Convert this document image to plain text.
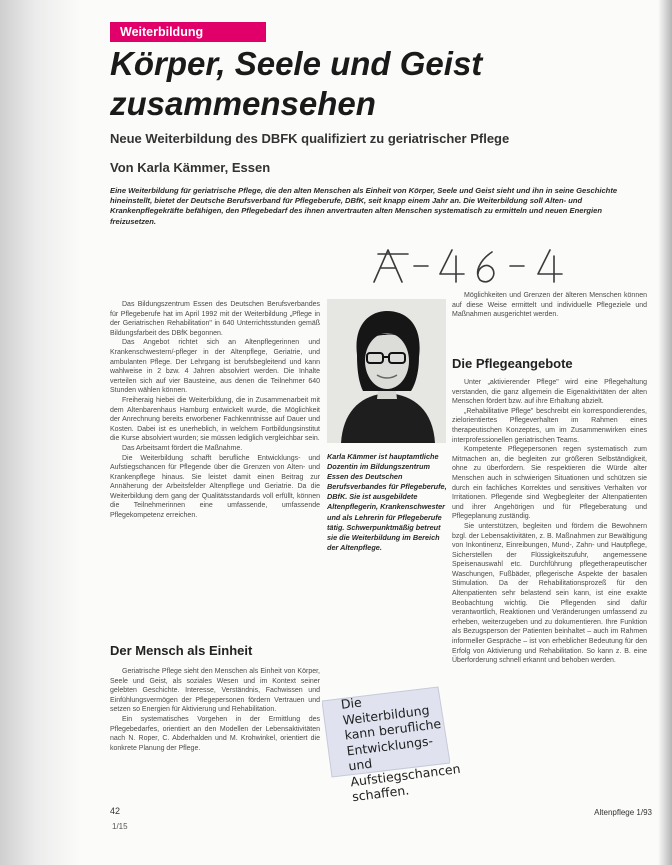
Weiterbildung
Körper, Seele und Geist zusammensehen
Neue Weiterbildung des DBFK qualifiziert zu geriatrischer Pflege
Von Karla Kämmer, Essen

Eine Weiterbildung für geriatrische Pflege, die den alten Menschen als Einheit von Körper, Seele und Geist sieht und ihn in seine Geschichte hineinstellt, bietet der Deutsche Berufsverband für Pflegeberufe, DBfK, seit knapp einem Jahr an. Die Weiterbildung soll Alten- und Krankenpflegekräfte befähigen, den Pflegebedarf des ihnen anvertrauten alten Menschen systematisch zu ermitteln und neuen Energien freizusetzen.

Das Bildungszentrum Essen des Deutschen Berufsverbandes für Pflegeberufe hat im April 1992 mit der Weiterbildung „Pflege in der Geriatrischen Rehabilitation" in 640 Unterrichtsstunden gemäß Bildungsfarbeit des DBfK begonnen.

Das Angebot richtet sich an Altenpflegerinnen und Krankenschwestern/-pfleger in der Altenpflege, Geriatrie, und ambulanten Pflege. Der Lehrgang ist berufsbegleitend und kann wahlweise in 2 bzw. 4 Jahren absolviert werden. Die Inhalte verteilen sich auf vier Bausteine, aus denen die Teilnehmer 640 Stunden wählen können.

Freiheraig hiebei die Weiterbildung, die in Zusammenarbeit mit dem Altenbarenhaus Hamburg entwickelt wurde, die Möglichkeit der Anrechnung bereits erworbener Fachkenntnisse auf Dauer und Kosten. Dabei ist es unerheblich, in welchem Fortbildungsinstitut die Kurse absolviert wurden; sie müssen lediglich vergleichbar sein.

Das Arbeitsamt fördert die Maßnahme.

Die Weiterbildung schafft berufliche Entwicklungs- und Aufstiegschancen für Pflegende über die Grenzen von Alten- und Krankenpflege hinaus. Sie leistet damit einen Beitrag zur Annäherung der Arbeitsfelder Altenpflege und Geriatrie. Da die Weiterbildung dem gang der Qualitätsstandards voll erfüllt, können die Teilnehmerinnen eine umfassende, umfassende Pflegekompetenz erreichen.

Der Mensch als Einheit

Geriatrische Pflege sieht den Menschen als Einheit von Körper, Seele und Geist, als soziales Wesen und im Kontext seiner gelebten Geschichte. Interesse, Verständnis, Fachwissen und Einfühlungsvermögen der Pflegepersonen fördern Vertrauen und setzen so Energien für Aktivierung und Rehabilitation.

Ein systematisches Vorgehen in der Ermittlung des Pflegebedarfes, orientiert an den Modellen der Lebensaktivitäten nach N. Roper, C. Abderhalden und M. Krohwinkel, orientiert die konkrete Planung der Pflege.

Karla Kämmer ist hauptamtliche Dozentin im Bildungszentrum Essen des Deutschen Berufsverbandes für Pflegeberufe, DBfK. Sie ist ausgebildete Altenpflegerin, Krankenschwester und als Lehrerin für Pflegeberufe tätig. Schwerpunktmäßig betreut sie die Weiterbildung im Bereich der Altenpflege.
Die Weiterbildung kann berufliche Entwicklungs- und Aufstiegschancen schaffen.

Möglichkeiten und Grenzen der älteren Menschen können auf diese Weise ermittelt und individuelle Pflegeziele und Maßnahmen ausgerichtet werden.

Die Pflegeangebote

Unter „aktivierender Pflege" wird eine Pflegehaltung verstanden, die ganz allgemein die Eigenaktivitäten der alten Menschen fördert bzw. auf ihre Erhaltung abzielt.

„Rehabilitative Pflege" beschreibt ein korrespondierendes, zielorientiertes Pflegeverhalten im Rahmen eines therapeutischen Konzeptes, um im Zusammenwirken eines interprofessionellen geriatrischen Teams.

Kompetente Pflegepersonen regen systematisch zum Mitmachen an, die begleiten zur größeren Selbständigkeit, ohne zu überfordern. Sie respektieren die Würde alter Menschen auch in schwierigen Situationen und schützen sie durch ein fachliches Korrektes und sensitives Verhalten vor Irritationen. Pflegende sind Wegbegleiter der Altenpatienten und ihrer Angehörigen und für Pflegeberatung und Pflegeplanung zuständig.

Sie unterstützen, begleiten und fördern die Bewohnern bzgl. der Lebensaktivitäten, z. B. Maßnahmen zur Bewältigung von Inkontinenz, Einreibungen, Mund-, Zahn- und Hautpflege, Sicherstellen der Flüssigkeitszufuhr, angemessene Speisenauswahl etc. Durchführung pflegetherapeutischer Waschungen, Fußbäder, pflegerische Aspekte der basalen Stimulation. Da der Rehabilitationsprozeß für den Altenpatienten sehr belastend sein kann, ist eine exakte Beobachtung wichtig. Die Pflegenden sind dafür verantwortlich, Reaktionen und Veränderungen umfassend zu erheben, weiterzugeben und zu dokumentieren. Ihre Funktion als Bezugsperson der Patienten beinhaltet – auch im Rahmen informeller Gespräche – ist von erheblicher Bedeutung für den Erfolg von Aktivierung und Rehabilitation. So kann z. B. eine Überforderung schnell erkannt und behoben werden.

42
1/15
Altenpflege 1/93
